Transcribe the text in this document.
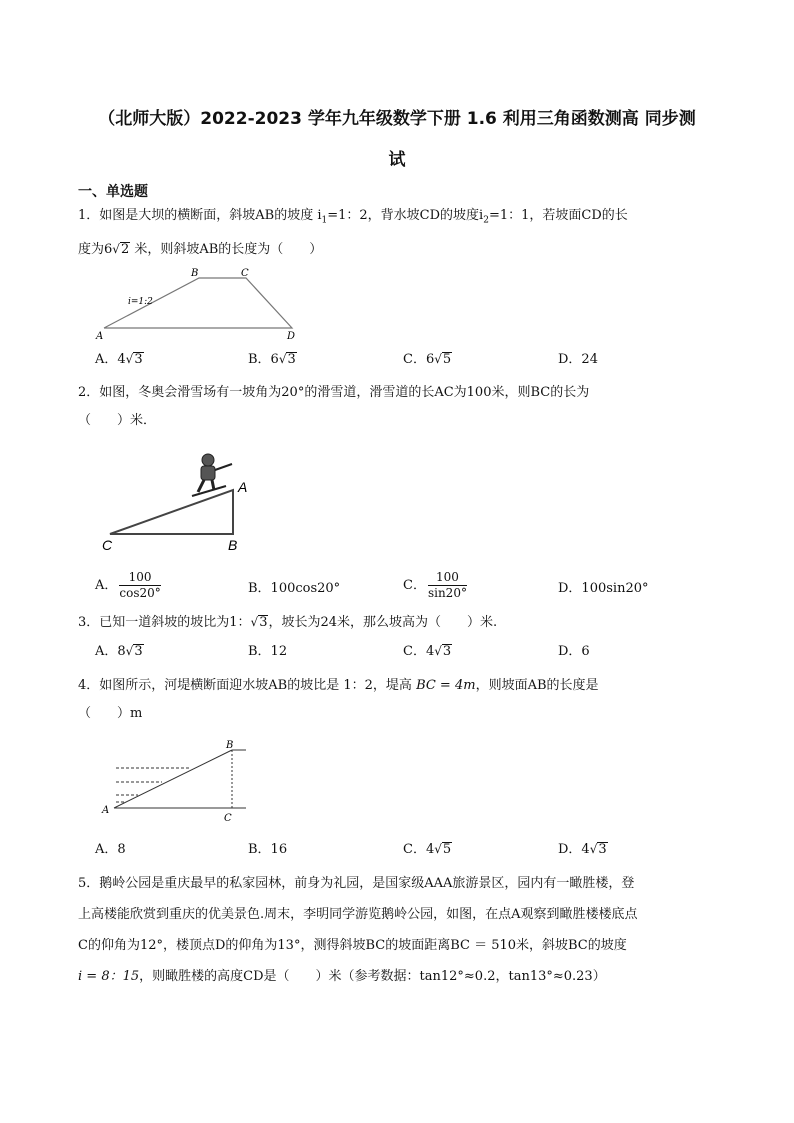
（北师大版）2022-2023 学年九年级数学下册 1.6 利用三角函数测高 同步测
试
一、单选题
1．如图是大坝的横断面，斜坡AB的坡度 $i_1=1$：2，背水坡CD的坡度$i_2=1$：1，若坡面CD的长
度为6√2 米，则斜坡AB的长度为（　　）
B	C
A	D
i=1:2
A．4√3	B．6√3	C．6√5	D．24
2．如图，冬奥会滑雪场有一坡角为20°的滑雪道，滑雪道的长AC为100米，则BC的长为
（　　）米．
A
C	B
A． $\frac{100}{\cos 20^\circ}$	B．100cos20°	C． $\frac{100}{\sin 20^\circ}$	D．100sin20°
3．已知一道斜坡的坡比为1：√3，坡长为24米，那么坡高为（　　）米.
A．8√3	B．12	C．4√3	D．6
4．如图所示，河堤横断面迎水坡AB的坡比是 1：2，堤高 BC = 4m，则坡面AB的长度是
（　　）m
B
A
C
A．8	B．16	C．4√5	D．4√3
5．鹅岭公园是重庆最早的私家园林，前身为礼园，是国家级AAA旅游景区，园内有一瞰胜楼，登
上高楼能欣赏到重庆的优美景色.周末，李明同学游览鹅岭公园，如图，在点A观察到瞰胜楼楼底点
C的仰角为12°，楼顶点D的仰角为13°，测得斜坡BC的坡面距离BC ＝ 510米，斜坡BC的坡度
i = 8：15，则瞰胜楼的高度CD是（　　）米（参考数据：tan12°≈0.2，tan13°≈0.23）
